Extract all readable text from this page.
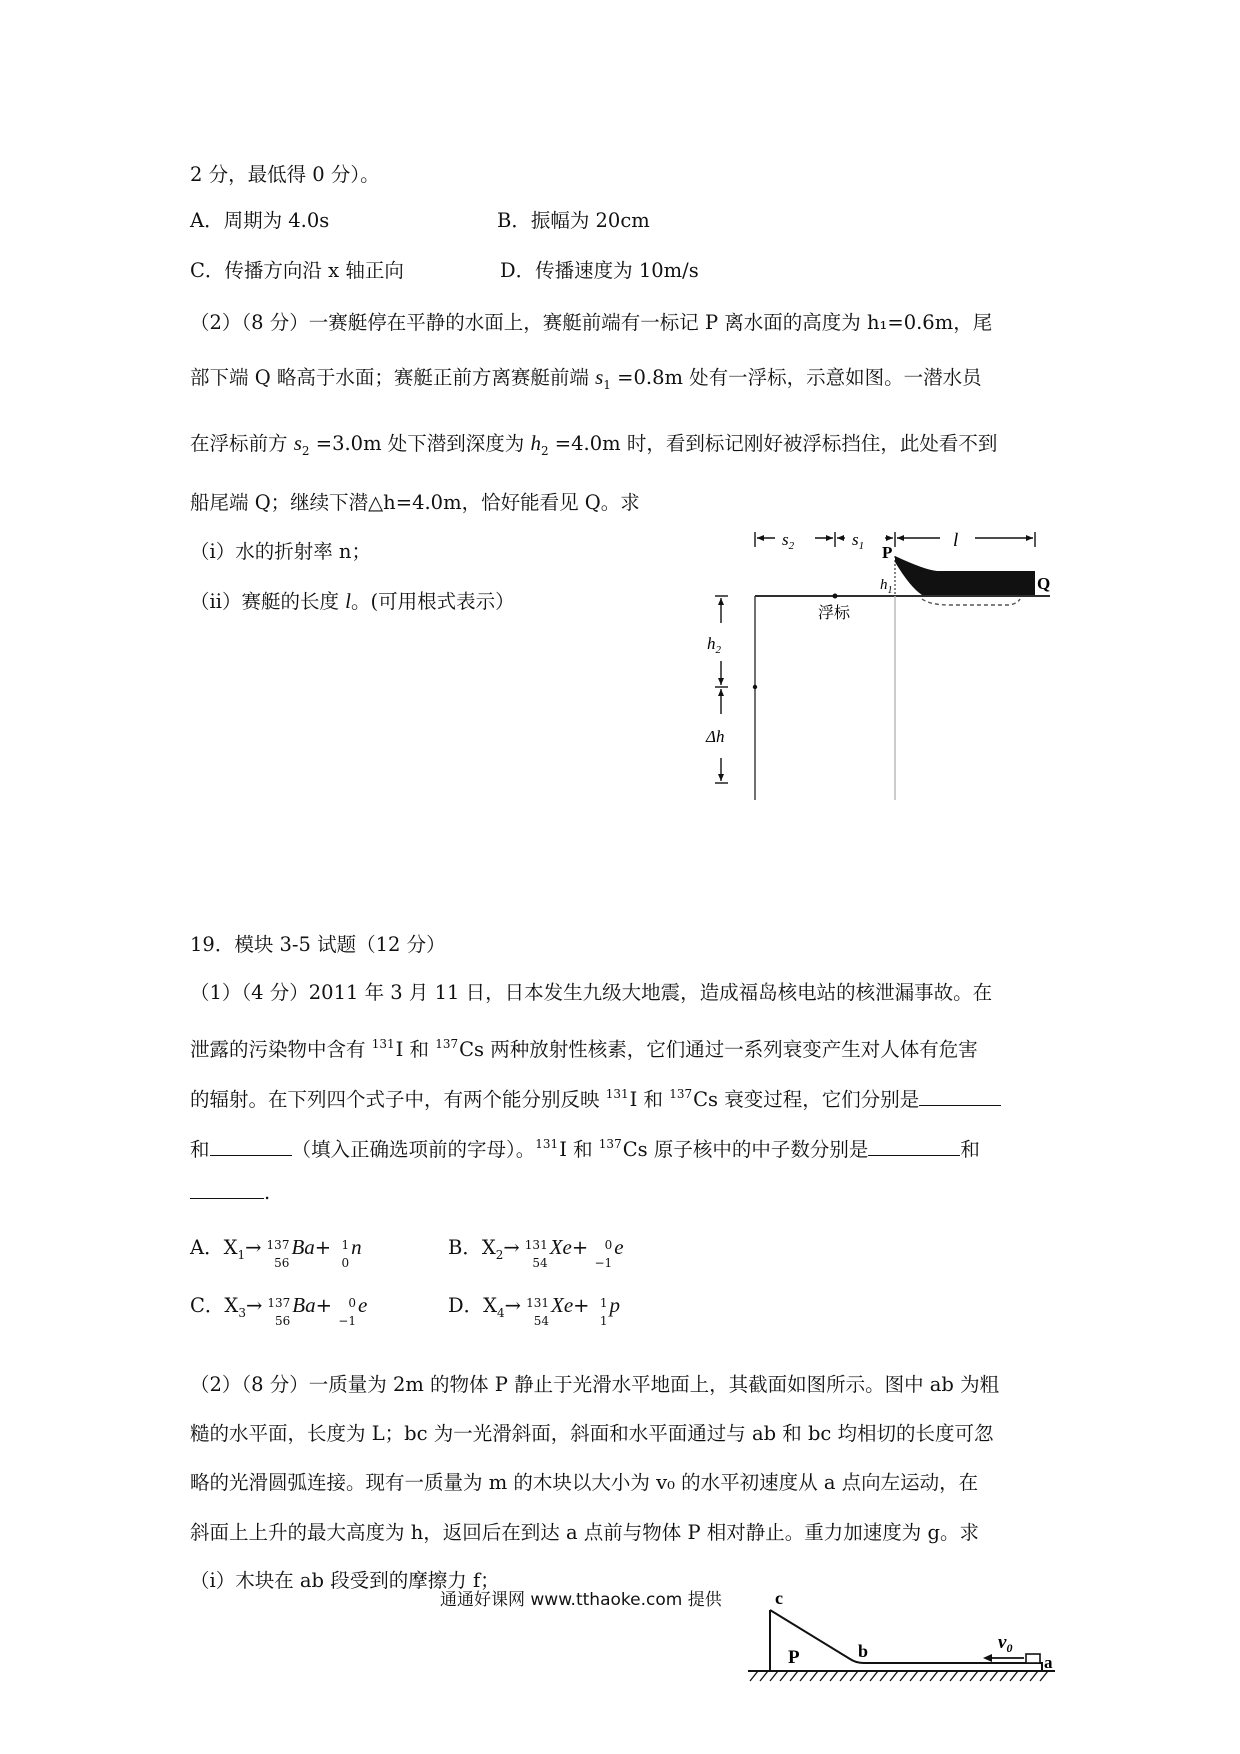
2 分，最低得 0 分）。
A．周期为 4.0s	B．振幅为 20cm
C．传播方向沿 x 轴正向	D．传播速度为 10m/s
（2）（8 分）一赛艇停在平静的水面上，赛艇前端有一标记 P 离水面的高度为 h₁=0.6m，尾
部下端 Q 略高于水面；赛艇正前方离赛艇前端 $s_1 =0.8m$ 处有一浮标，示意如图。一潜水员
在浮标前方 $s_2 =3.0m$ 处下潜到深度为 $h_2 =4.0m$ 时，看到标记刚好被浮标挡住，此处看不到
船尾端 Q；继续下潜△h=4.0m，恰好能看见 Q。求
（i）水的折射率 n；
（ii）赛艇的长度 l。(可用根式表示）
$s_2$	$s_1$	l
浮标
P
$h_1$	Q
$h_2$
Δh
19．模块 3-5 试题（12 分）
（1）（4 分）2011 年 3 月 11 日，日本发生九级大地震，造成福岛核电站的核泄漏事故。在
泄露的污染物中含有 $^{131}$I 和 $^{137}$Cs 两种放射性核素，它们通过一系列衰变产生对人体有危害
的辐射。在下列四个式子中，有两个能分别反映 $^{131}$I 和 $^{137}$Cs 衰变过程，它们分别是
和	（填入正确选项前的字母）。$^{131}$I 和 $^{137}$Cs 原子核中的中子数分别是	和
.
A．$X_1\to 137$
56
Ba+ 1
0
n	B．$X_2\to 131$
54
Xe+ 0
−1
e
C．$X_3\to 137$
56
Ba+ 0
−1
e	D．$X_4\to 131$
54
Xe+ 1
1
p
（2）（8 分）一质量为 2m 的物体 P 静止于光滑水平地面上，其截面如图所示。图中 ab 为粗
糙的水平面，长度为 L；bc 为一光滑斜面，斜面和水平面通过与 ab 和 bc 均相切的长度可忽
略的光滑圆弧连接。现有一质量为 m 的木块以大小为 v₀ 的水平初速度从 a 点向左运动，在
斜面上上升的最大高度为 h，返回后在到达 a 点前与物体 P 相对静止。重力加速度为 g。求
（i）木块在 ab 段受到的摩擦力 f；
c
b
P
$v_0$
a
通通好课网 www.tthaoke.com 提供
